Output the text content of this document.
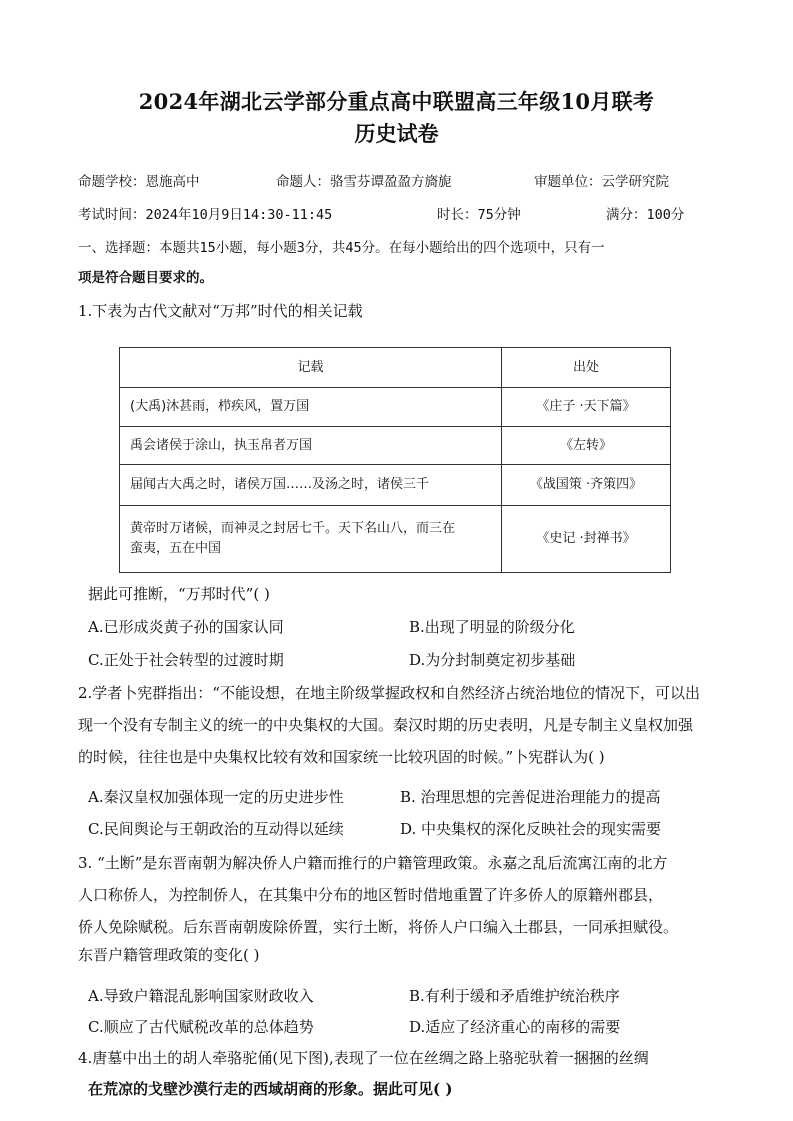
2024年湖北云学部分重点高中联盟高三年级10月联考
历史试卷
命题学校：恩施高中	命题人：骆雪芬谭盈盈方旖旎	审题单位：云学研究院
考试时间：2024年10月9日14:30-11:45	时长：75分钟	满分：100分
一、选择题：本题共15小题，每小题3分，共45分。在每小题给出的四个选项中，只有一
项是符合题目要求的。
1.下表为古代文献对“万邦”时代的相关记载
记载	出处
(大禹)沐甚雨，栉疾风，置万国	《庄子 ·天下篇》
禹会诸侯于涂山，执玉帛者万国	《左转》
届闻古大禹之时，诸侯万国……及汤之时，诸侯三千	《战国策 ·齐策四》

黄帝时万诸候，而神灵之封居七千。天下名山八，而三在
蛮夷，五在中国	《史记 ·封禅书》
据此可推断，“万邦时代”( )
A.已形成炎黄子孙的国家认同	B.出现了明显的阶级分化
C.正处于社会转型的过渡时期	D.为分封制奠定初步基础
2.学者卜宪群指出：“不能设想，在地主阶级掌握政权和自然经济占统治地位的情况下，可以出
现一个没有专制主义的统一的中央集权的大国。秦汉时期的历史表明，凡是专制主义皇权加强
的时候，往往也是中央集权比较有效和国家统一比较巩固的时候。”卜宪群认为( )
A.秦汉皇权加强体现一定的历史进步性	B. 治理思想的完善促进治理能力的提高
C.民间舆论与王朝政治的互动得以延续	D. 中央集权的深化反映社会的现实需要
3. “土断”是东晋南朝为解决侨人户籍而推行的户籍管理政策。永嘉之乱后流寓江南的北方
人口称侨人，为控制侨人，在其集中分布的地区暂时借地重置了许多侨人的原籍州郡县，
侨人免除赋税。后东晋南朝废除侨置，实行土断，将侨人户口编入土郡县，一同承担赋役。
东晋户籍管理政策的变化( )
A.导致户籍混乱影响国家财政收入	B.有利于缓和矛盾维护统治秩序
C.顺应了古代赋税改革的总体趋势	D.适应了经济重心的南移的需要
4.唐墓中出土的胡人牵骆驼俑(见下图),表现了一位在丝绸之路上骆驼驮着一捆捆的丝绸
在荒凉的戈壁沙漠行走的西域胡商的形象。据此可见( )
